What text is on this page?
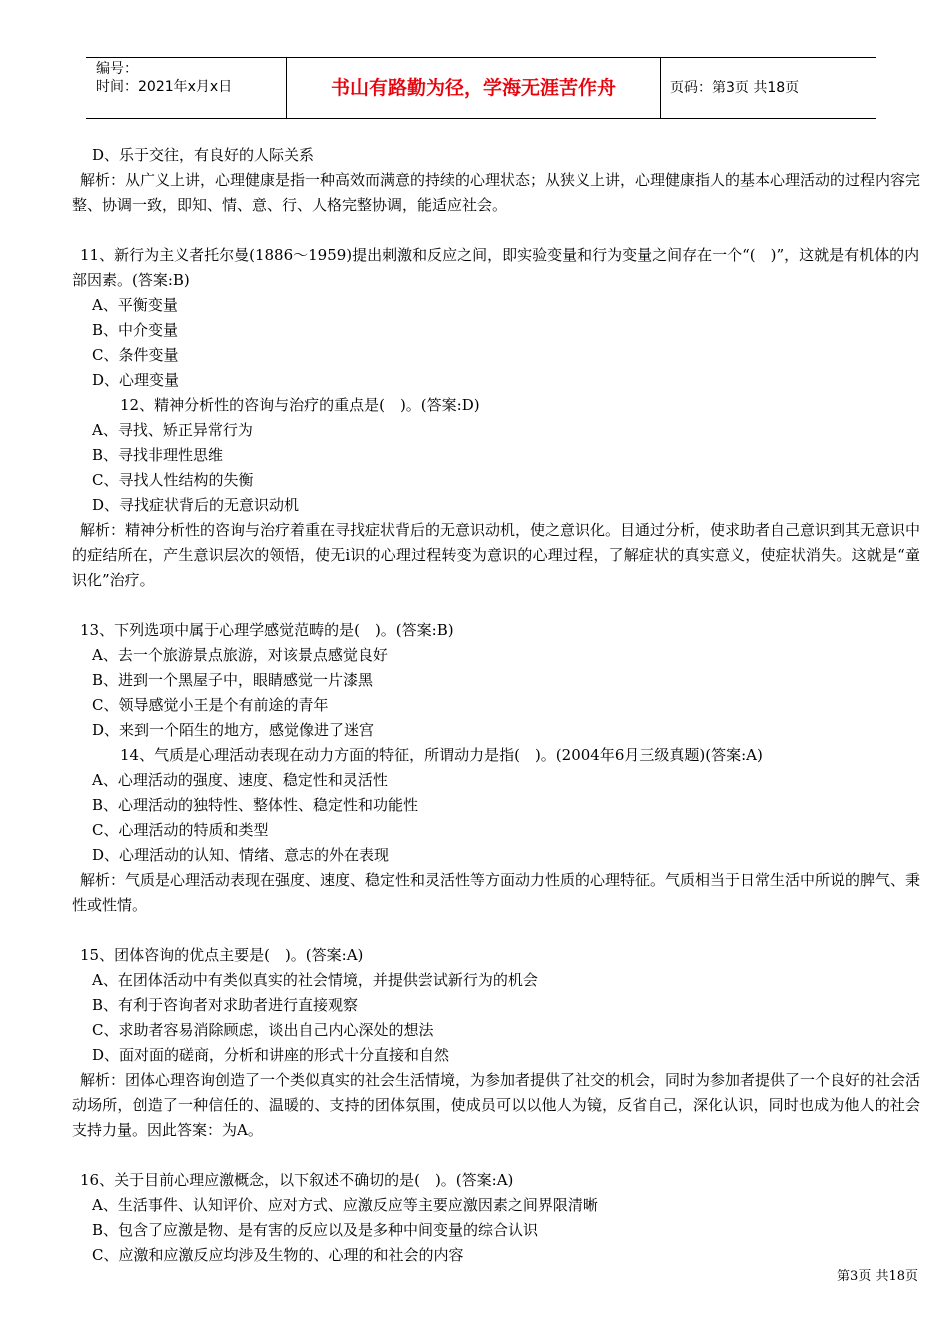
编号：
时间：2021年x月x日	书山有路勤为径，学海无涯苦作舟	页码：第3页 共18页

D、乐于交往，有良好的人际关系

解析：从广义上讲，心理健康是指一种高效而满意的持续的心理状态；从狭义上讲，心理健康指人的基本心理活动的过程内容完整、协调一致，即知、情、意、行、人格完整协调，能适应社会。

11、新行为主义者托尔曼(1886～1959)提出刺激和反应之间，即实验变量和行为变量之间存在一个“(　)”，这就是有机体的内部因素。(答案:B)

A、平衡变量

B、中介变量

C、条件变量

D、心理变量

12、精神分析性的咨询与治疗的重点是(　)。(答案:D)

A、寻找、矫正异常行为

B、寻找非理性思维

C、寻找人性结构的失衡

D、寻找症状背后的无意识动机

解析：精神分析性的咨询与治疗着重在寻找症状背后的无意识动机，使之意识化。目通过分析，使求助者自己意识到其无意识中的症结所在，产生意识层次的领悟，使无i识的心理过程转变为意识的心理过程，了解症状的真实意义，使症状消失。这就是“童识化”治疗。

13、下列选项中属于心理学感觉范畴的是(　)。(答案:B)

A、去一个旅游景点旅游，对该景点感觉良好

B、进到一个黑屋子中，眼睛感觉一片漆黑

C、领导感觉小王是个有前途的青年

D、来到一个陌生的地方，感觉像进了迷宫

14、气质是心理活动表现在动力方面的特征，所谓动力是指(　)。(2004年6月三级真题)(答案:A)

A、心理活动的强度、速度、稳定性和灵活性

B、心理活动的独特性、整体性、稳定性和功能性

C、心理活动的特质和类型

D、心理活动的认知、情绪、意志的外在表现

解析：气质是心理活动表现在强度、速度、稳定性和灵活性等方面动力性质的心理特征。气质相当于日常生活中所说的脾气、秉性或性情。

15、团体咨询的优点主要是(　)。(答案:A)

A、在团体活动中有类似真实的社会情境，并提供尝试新行为的机会

B、有利于咨询者对求助者进行直接观察

C、求助者容易消除顾虑，谈出自己内心深处的想法

D、面对面的磋商，分析和讲座的形式十分直接和自然

解析：团体心理咨询创造了一个类似真实的社会生活情境，为参加者提供了社交的机会，同时为参加者提供了一个良好的社会活动场所，创造了一种信任的、温暖的、支持的团体氛围，使成员可以以他人为镜，反省自己，深化认识，同时也成为他人的社会支持力量。因此答案：为A。

16、关于目前心理应激概念，以下叙述不确切的是(　)。(答案:A)

A、生活事件、认知评价、应对方式、应激反应等主要应激因素之间界限清晰

B、包含了应激是物、是有害的反应以及是多种中间变量的综合认识

C、应激和应激反应均涉及生物的、心理的和社会的内容

第3页 共18页
